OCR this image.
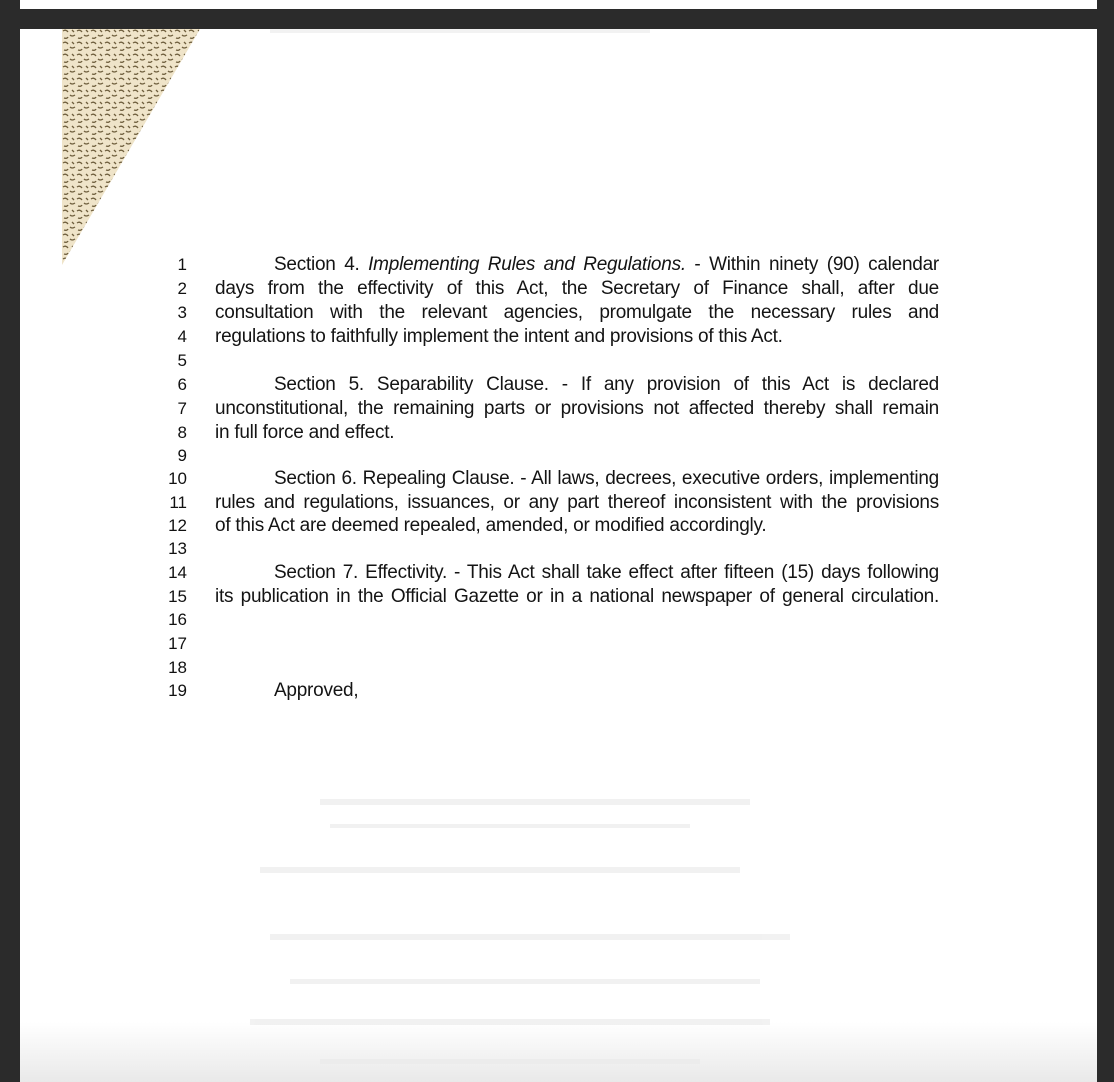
1	Section 4. Implementing Rules and Regulations. - Within ninety (90) calendar
2 days from the effectivity of this Act, the Secretary of Finance shall, after due
3 consultation with the relevant agencies, promulgate the necessary rules and
4 regulations to faithfully implement the intent and provisions of this Act.
5
6	Section 5. Separability Clause. - If any provision of this Act is declared
7 unconstitutional, the remaining parts or provisions not affected thereby shall remain
8 in full force and effect.
9
10	Section 6. Repealing Clause. - All laws, decrees, executive orders, implementing
11 rules and regulations, issuances, or any part thereof inconsistent with the provisions
12 of this Act are deemed repealed, amended, or modified accordingly.
13
14	Section 7. Effectivity. - This Act shall take effect after fifteen (15) days following
15 its publication in the Official Gazette or in a national newspaper of general circulation.
16
17
18
19	Approved,
